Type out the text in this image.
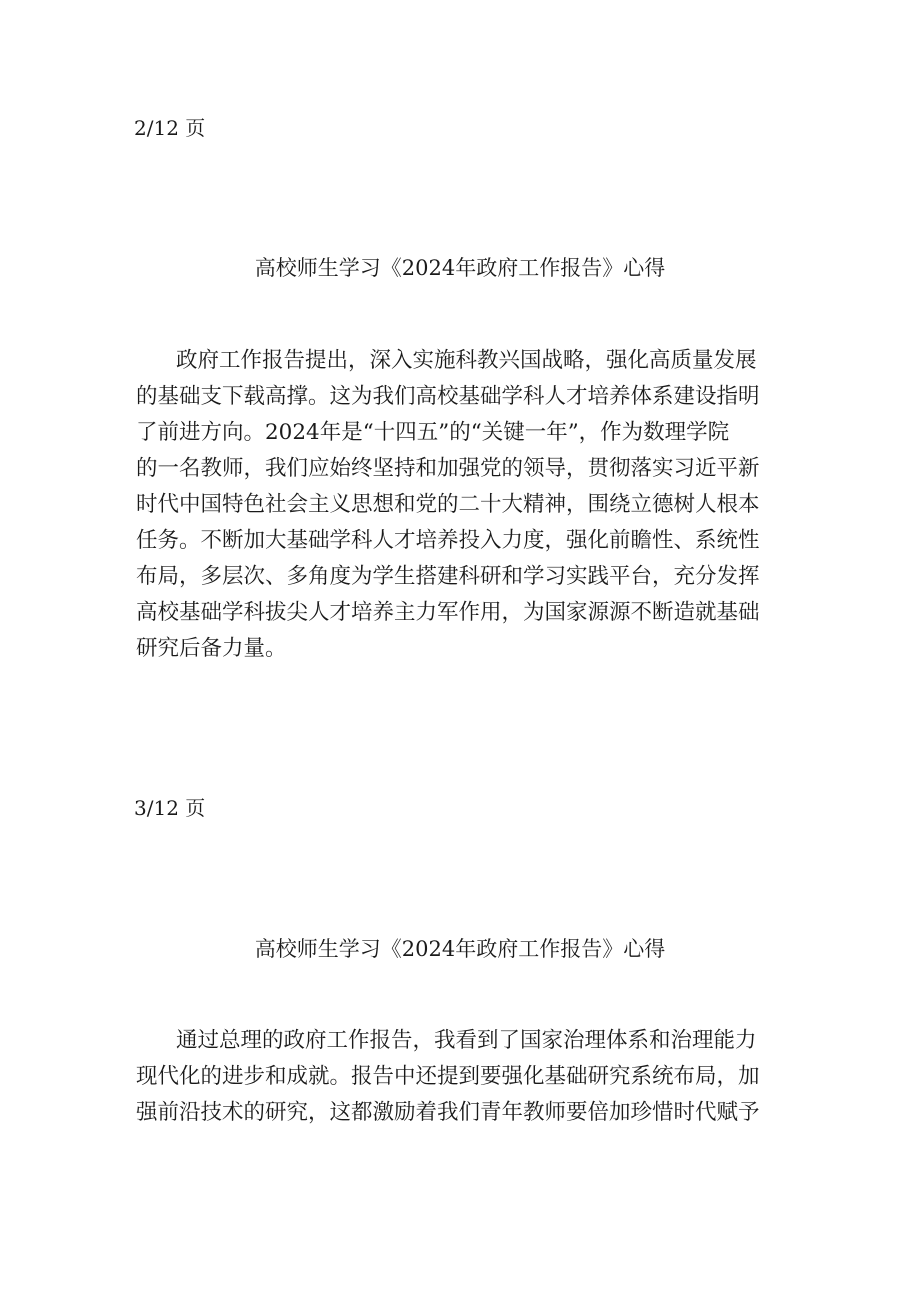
2/12 页
高校师生学习《2024年政府工作报告》心得
政府工作报告提出，深入实施科教兴国战略，强化高质量发展
的基础支下载高撑。这为我们高校基础学科人才培养体系建设指明
了前进方向。2024年是“十四五”的“关键一年”，作为数理学院
的一名教师，我们应始终坚持和加强党的领导，贯彻落实习近平新
时代中国特色社会主义思想和党的二十大精神，围绕立德树人根本
任务。不断加大基础学科人才培养投入力度，强化前瞻性、系统性
布局，多层次、多角度为学生搭建科研和学习实践平台，充分发挥
高校基础学科拔尖人才培养主力军作用，为国家源源不断造就基础
研究后备力量。
3/12 页
高校师生学习《2024年政府工作报告》心得
通过总理的政府工作报告，我看到了国家治理体系和治理能力
现代化的进步和成就。报告中还提到要强化基础研究系统布局，加
强前沿技术的研究，这都激励着我们青年教师要倍加珍惜时代赋予
